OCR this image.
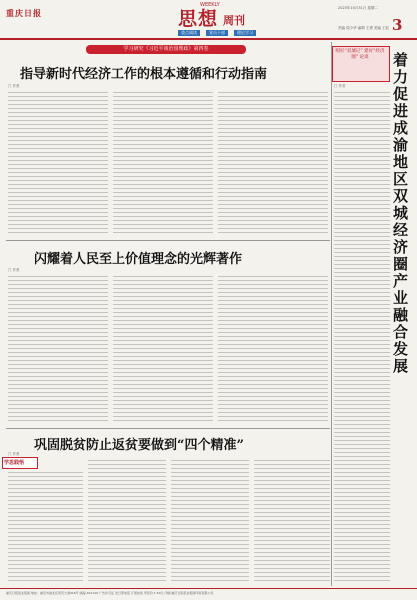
重庆日报
WEEKLY
思想 周刊	3
2023年10月31日 星期二
责编 周少华 编辑 王勇 美编 王虹
重点阅读	党员干部	理论学习
学习研究《习近平谈治国理政》第四卷
指导新时代经济工作的根本遵循和行动指南
□ 作者
闪耀着人民至上价值理念的光辉著作
□ 作者
巩固脱贫防止返贫要做到“四个精准”
□ 作者
学思践悟
唱好“双城记” 建好“经济圈” 论谈	着力促进成渝地区双城经济圈产业融合发展
□ 作者
重庆日报报业集团 地址：重庆市渝北区同茂大道416号 邮编 401120 广告许可证 发行部电话 订阅热线 零售价 1.50元 印刷 重庆日报报业集团印务有限公司
